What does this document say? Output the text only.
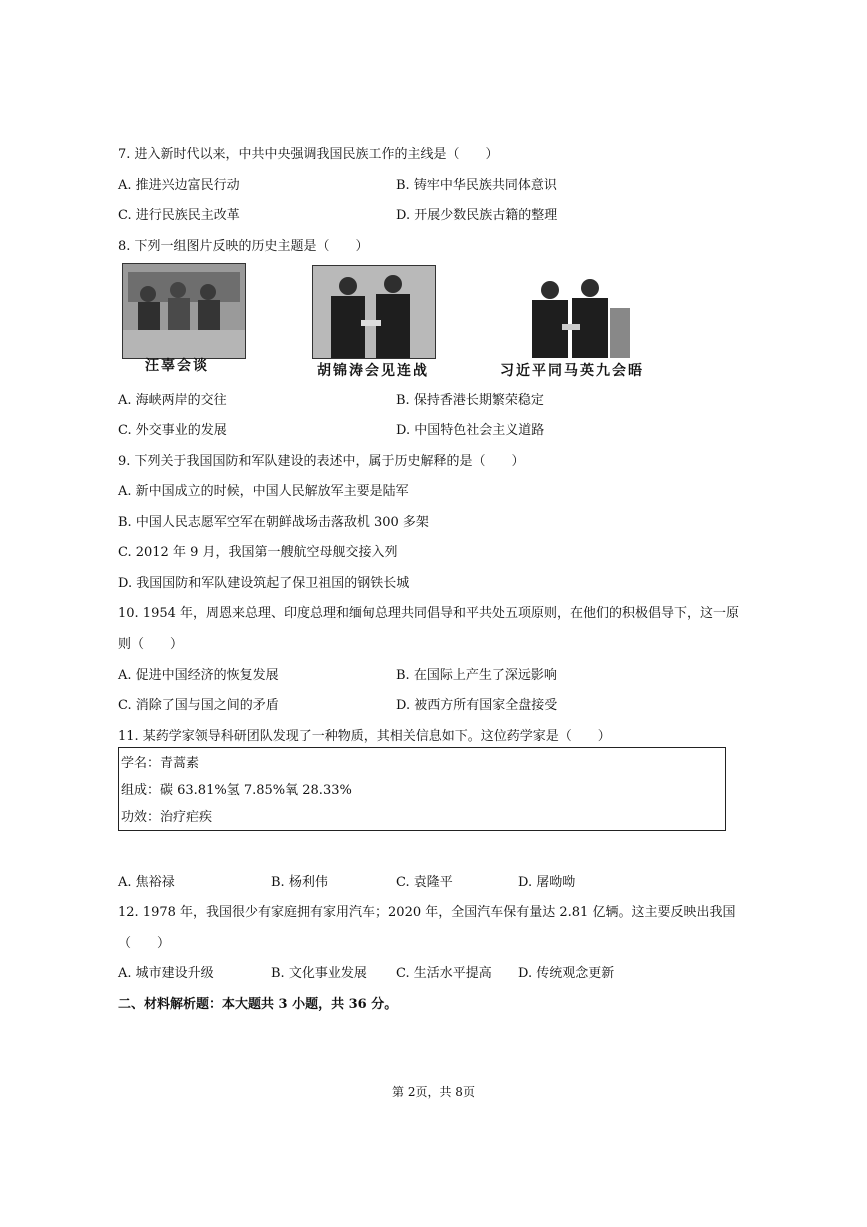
7. 进入新时代以来，中共中央强调我国民族工作的主线是（　　）
A. 推进兴边富民行动	B. 铸牢中华民族共同体意识
C. 进行民族民主改革	D. 开展少数民族古籍的整理
8. 下列一组图片反映的历史主题是（　　）
汪辜会谈	胡锦涛会见连战	习近平同马英九会晤
A. 海峡两岸的交往	B. 保持香港长期繁荣稳定
C. 外交事业的发展	D. 中国特色社会主义道路
9. 下列关于我国国防和军队建设的表述中，属于历史解释的是（　　）
A. 新中国成立的时候，中国人民解放军主要是陆军
B. 中国人民志愿军空军在朝鲜战场击落敌机 300 多架
C. 2012 年 9 月，我国第一艘航空母舰交接入列
D. 我国国防和军队建设筑起了保卫祖国的钢铁长城
10. 1954 年，周恩来总理、印度总理和缅甸总理共同倡导和平共处五项原则，在他们的积极倡导下，这一原
则（　　）
A. 促进中国经济的恢复发展	B. 在国际上产生了深远影响
C. 消除了国与国之间的矛盾	D. 被西方所有国家全盘接受
11. 某药学家领导科研团队发现了一种物质，其相关信息如下。这位药学家是（　　）
学名：青蒿素
组成：碳 63.81%氢 7.85%氧 28.33%
功效：治疗疟疾
A. 焦裕禄	B. 杨利伟	C. 袁隆平	D. 屠呦呦
12. 1978 年，我国很少有家庭拥有家用汽车；2020 年，全国汽车保有量达 2.81 亿辆。这主要反映出我国
（　　）
A. 城市建设升级	B. 文化事业发展 C. 生活水平提高 D. 传统观念更新
二、材料解析题：本大题共 3 小题，共 36 分。
第 2页，共 8页
